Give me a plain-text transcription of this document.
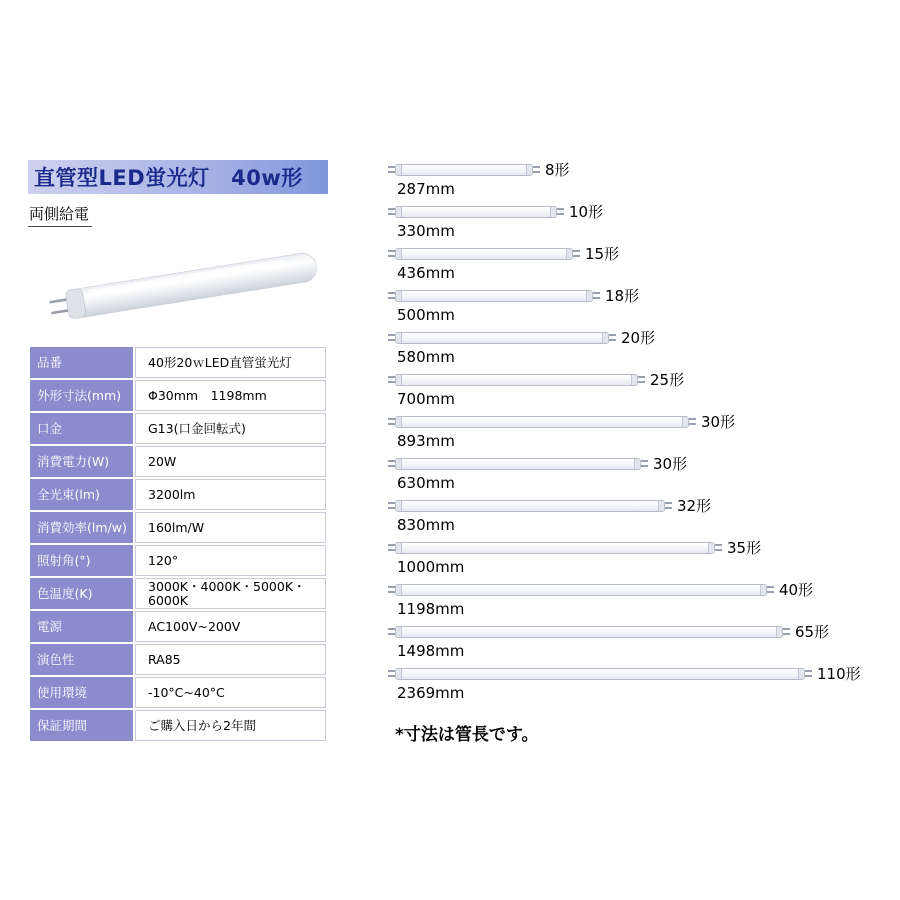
直管型LED蛍光灯　40w形
両側給電
品番	40形20ｗLED直管蛍光灯
外形寸法(mm)	Φ30mm　1198mm
口金	G13(口金回転式)
消費電力(W)	20W
全光束(lm)	3200lm
消費効率(lm/w)	160lm/W
照射角(°)	120°
色温度(K)	3000K・4000K・5000K・6000K
電源	AC100V~200V
演色性	RA85
使用環境	-10°C~40°C
保証期間	ご購入日から2年間
8形
287mm
10形
330mm
15形
436mm
18形
500mm
20形
580mm
25形
700mm
30形
893mm
30形
630mm
32形
830mm
35形
1000mm
40形
1198mm
65形
1498mm
110形
2369mm
*寸法は管長です。
